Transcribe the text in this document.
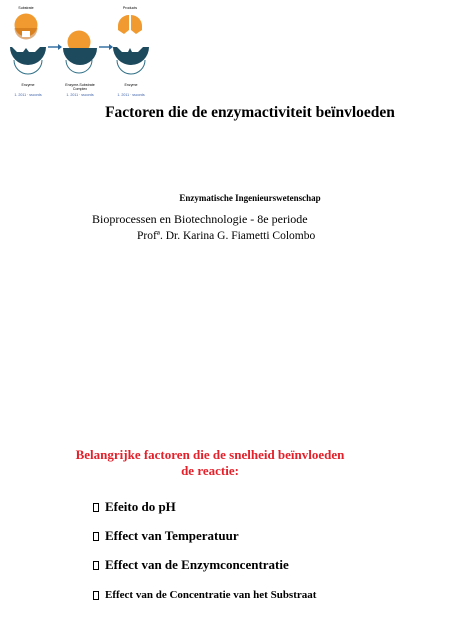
Substrate
Enzyme
1. 2011 · sscords
Enzyme-Substrate
Complex
1. 2011 · sscords
Products
Enzyme
1. 2011 · sscords
Factoren die de enzymactiviteit beïnvloeden
Enzymatische Ingenieurswetenschap
Bioprocessen en Biotechnologie - 8e periode
Profª. Dr. Karina G. Fiametti Colombo
Belangrijke factoren die de snelheid beïnvloeden
de reactie:
Efeito do pH
Effect van Temperatuur
Effect van de Enzymconcentratie
Effect van de Concentratie van het Substraat
